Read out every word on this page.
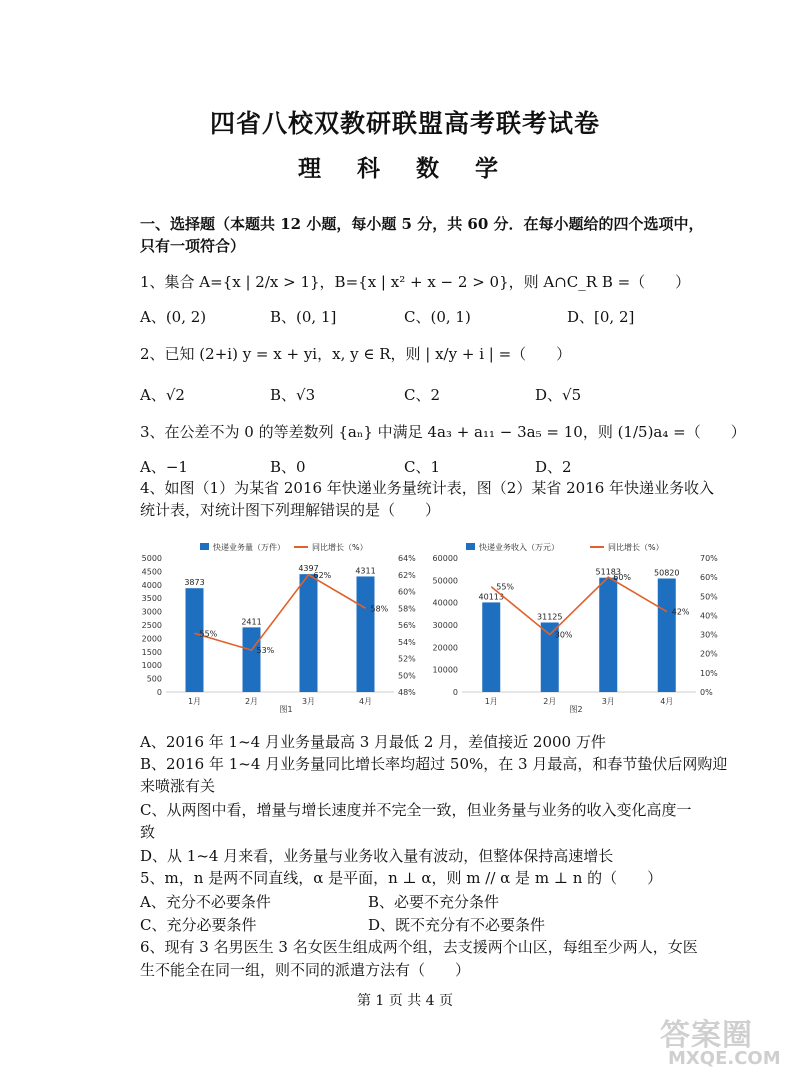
四省八校双教研联盟高考联考试卷
理 科 数 学
一、选择题（本题共 12 小题，每小题 5 分，共 60 分．在每小题给的四个选项中，
只有一项符合）
1、集合 A={x | 2/x > 1}，B={x | x² + x − 2 > 0}，则 A∩C_R B =（　　）
A、(0, 2)	B、(0, 1]	C、(0, 1)	D、[0, 2]
2、已知 (2+i) y = x + yi，x, y ∈ R，则 | x/y + i | =（　　）
A、√2	B、√3	C、2	D、√5
3、在公差不为 0 的等差数列 {aₙ} 中满足 4a₃ + a₁₁ − 3a₅ = 10，则 (1/5)a₄ =（　　）
A、−1	B、0	C、1	D、2
4、如图（1）为某省 2016 年快递业务量统计表，图（2）某省 2016 年快递业务收入
统计表，对统计图下列理解错误的是（　　）
0
500
1000
1500
2000
2500
3000
3500
4000
4500
5000
48%
50%
52%
54%
56%
58%
60%
62%
64%
3873
1月
2411
2月
4397
3月
4311
4月
55%
53%
62%
58%
快递业务量（万件）	同比增长（%）
图1
0
10000
20000
30000
40000
50000
60000
0%
10%
20%
30%
40%
50%
60%
70%
40113
1月
31125
2月
51183
3月
50820
4月
55%
30%
60%
42%
快递业务收入（万元）	同比增长（%）
图2
A、2016 年 1~4 月业务量最高 3 月最低 2 月，差值接近 2000 万件
B、2016 年 1~4 月业务量同比增长率均超过 50%，在 3 月最高，和春节蛰伏后网购迎
来喷涨有关
C、从两图中看，增量与增长速度并不完全一致，但业务量与业务的收入变化高度一
致
D、从 1~4 月来看，业务量与业务收入量有波动，但整体保持高速增长
5、m，n 是两不同直线，α 是平面，n ⊥ α，则 m // α 是 m ⊥ n 的（　　）
A、充分不必要条件	B、必要不充分条件
C、充分必要条件	D、既不充分有不必要条件
6、现有 3 名男医生 3 名女医生组成两个组，去支援两个山区，每组至少两人，女医
生不能全在同一组，则不同的派遣方法有（　　）
第 1 页 共 4 页
答案圈
MXQE.COM
